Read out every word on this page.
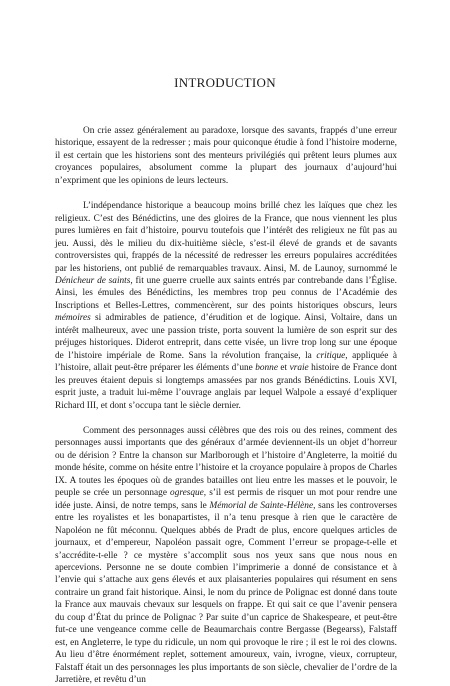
INTRODUCTION

On crie assez généralement au paradoxe, lorsque des savants, frappés d’une erreur historique, essayent de la redresser ; mais pour quiconque étudie à fond l’histoire moderne, il est certain que les historiens sont des menteurs privilégiés qui prêtent leurs plumes aux croyances populaires, absolument comme la plupart des journaux d’aujourd’hui n’expriment que les opinions de leurs lecteurs.

L’indépendance historique a beaucoup moins brillé chez les laïques que chez les religieux. C’est des Bénédictins, une des gloires de la France, que nous viennent les plus pures lumières en fait d’histoire, pourvu toutefois que l’intérêt des religieux ne fût pas au jeu. Aussi, dès le milieu du dix-huitième siècle, s’est-il élevé de grands et de savants controversistes qui, frappés de la nécessité de redresser les erreurs populaires accréditées par les historiens, ont publié de remarquables travaux. Ainsi, M. de Launoy, surnommé le Dénicheur de saints, fit une guerre cruelle aux saints entrés par contrebande dans l’Église. Ainsi, les émules des Bénédictins, les membres trop peu connus de l’Académie des Inscriptions et Belles-Lettres, commencèrent, sur des points historiques obscurs, leurs mémoires si admirables de patience, d’érudition et de logique. Ainsi, Voltaire, dans un intérêt malheureux, avec une passion triste, porta souvent la lumière de son esprit sur des préjuges historiques. Diderot entreprit, dans cette visée, un livre trop long sur une époque de l’histoire impériale de Rome. Sans la révolution française, la critique, appliquée à l’histoire, allait peut-être préparer les éléments d’une bonne et vraie histoire de France dont les preuves étaient depuis si longtemps amassées par nos grands Bénédictins. Louis XVI, esprit juste, a traduit lui-même l’ouvrage anglais par lequel Walpole a essayé d’expliquer Richard III, et dont s’occupa tant le siècle dernier.

Comment des personnages aussi célèbres que des rois ou des reines, comment des personnages aussi importants que des généraux d’armée deviennent-ils un objet d’horreur ou de dérision ? Entre la chanson sur Marlborough et l’histoire d’Angleterre, la moitié du monde hésite, comme on hésite entre l’histoire et la croyance populaire à propos de Charles IX. A toutes les époques où de grandes batailles ont lieu entre les masses et le pouvoir, le peuple se crée un personnage ogresque, s’il est permis de risquer un mot pour rendre une idée juste. Ainsi, de notre temps, sans le Mémorial de Sainte-Hélène, sans les controverses entre les royalistes et les bonapartistes, il n’a tenu presque à rien que le caractère de Napoléon ne fût méconnu. Quelques abbés de Pradt de plus, encore quelques articles de journaux, et d’empereur, Napoléon passait ogre, Comment l’erreur se propage-t-elle et s’accrédite-t-elle ? ce mystère s’accomplit sous nos yeux sans que nous nous en apercevions. Personne ne se doute combien l’imprimerie a donné de consistance et à l’envie qui s’attache aux gens élevés et aux plaisanteries populaires qui résument en sens contraire un grand fait historique. Ainsi, le nom du prince de Polignac est donné dans toute la France aux mauvais chevaux sur lesquels on frappe. Et qui sait ce que l’avenir pensera du coup d’État du prince de Polignac ? Par suite d’un caprice de Shakespeare, et peut-être fut-ce une vengeance comme celle de Beaumarchais contre Bergasse (Begearss), Falstaff est, en Angleterre, le type du ridicule, un nom qui provoque le rire ; il est le roi des clowns. Au lieu d’être énormément replet, sottement amoureux, vain, ivrogne, vieux, corrupteur, Falstaff était un des personnages les plus importants de son siècle, chevalier de l’ordre de la Jarretière, et revêtu d’un
